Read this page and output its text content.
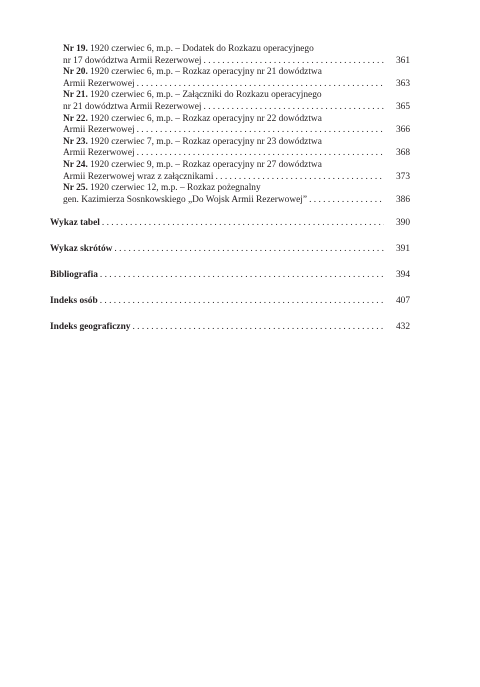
Nr 19. 1920 czerwiec 6, m.p. – Dodatek do Rozkazu operacyjnego
nr 17 dowództwa Armii Rezerwowej . . .	361
Nr 20. 1920 czerwiec 6, m.p. – Rozkaz operacyjny nr 21 dowództwa
Armii Rezerwowej . . .	363
Nr 21. 1920 czerwiec 6, m.p. – Załączniki do Rozkazu operacyjnego
nr 21 dowództwa Armii Rezerwowej . . .	365
Nr 22. 1920 czerwiec 6, m.p. – Rozkaz operacyjny nr 22 dowództwa
Armii Rezerwowej . . .	366
Nr 23. 1920 czerwiec 7, m.p. – Rozkaz operacyjny nr 23 dowództwa
Armii Rezerwowej . . .	368
Nr 24. 1920 czerwiec 9, m.p. – Rozkaz operacyjny nr 27 dowództwa
Armii Rezerwowej wraz z załącznikami . . .	373
Nr 25. 1920 czerwiec 12, m.p. – Rozkaz pożegnalny
gen. Kazimierza Sosnkowskiego „Do Wojsk Armii Rezerwowej” . . .	386
Wykaz tabel . . .	390
Wykaz skrótów . . .	391
Bibliografia . . .	394
Indeks osób . . .	407
Indeks geograficzny . . .	432
